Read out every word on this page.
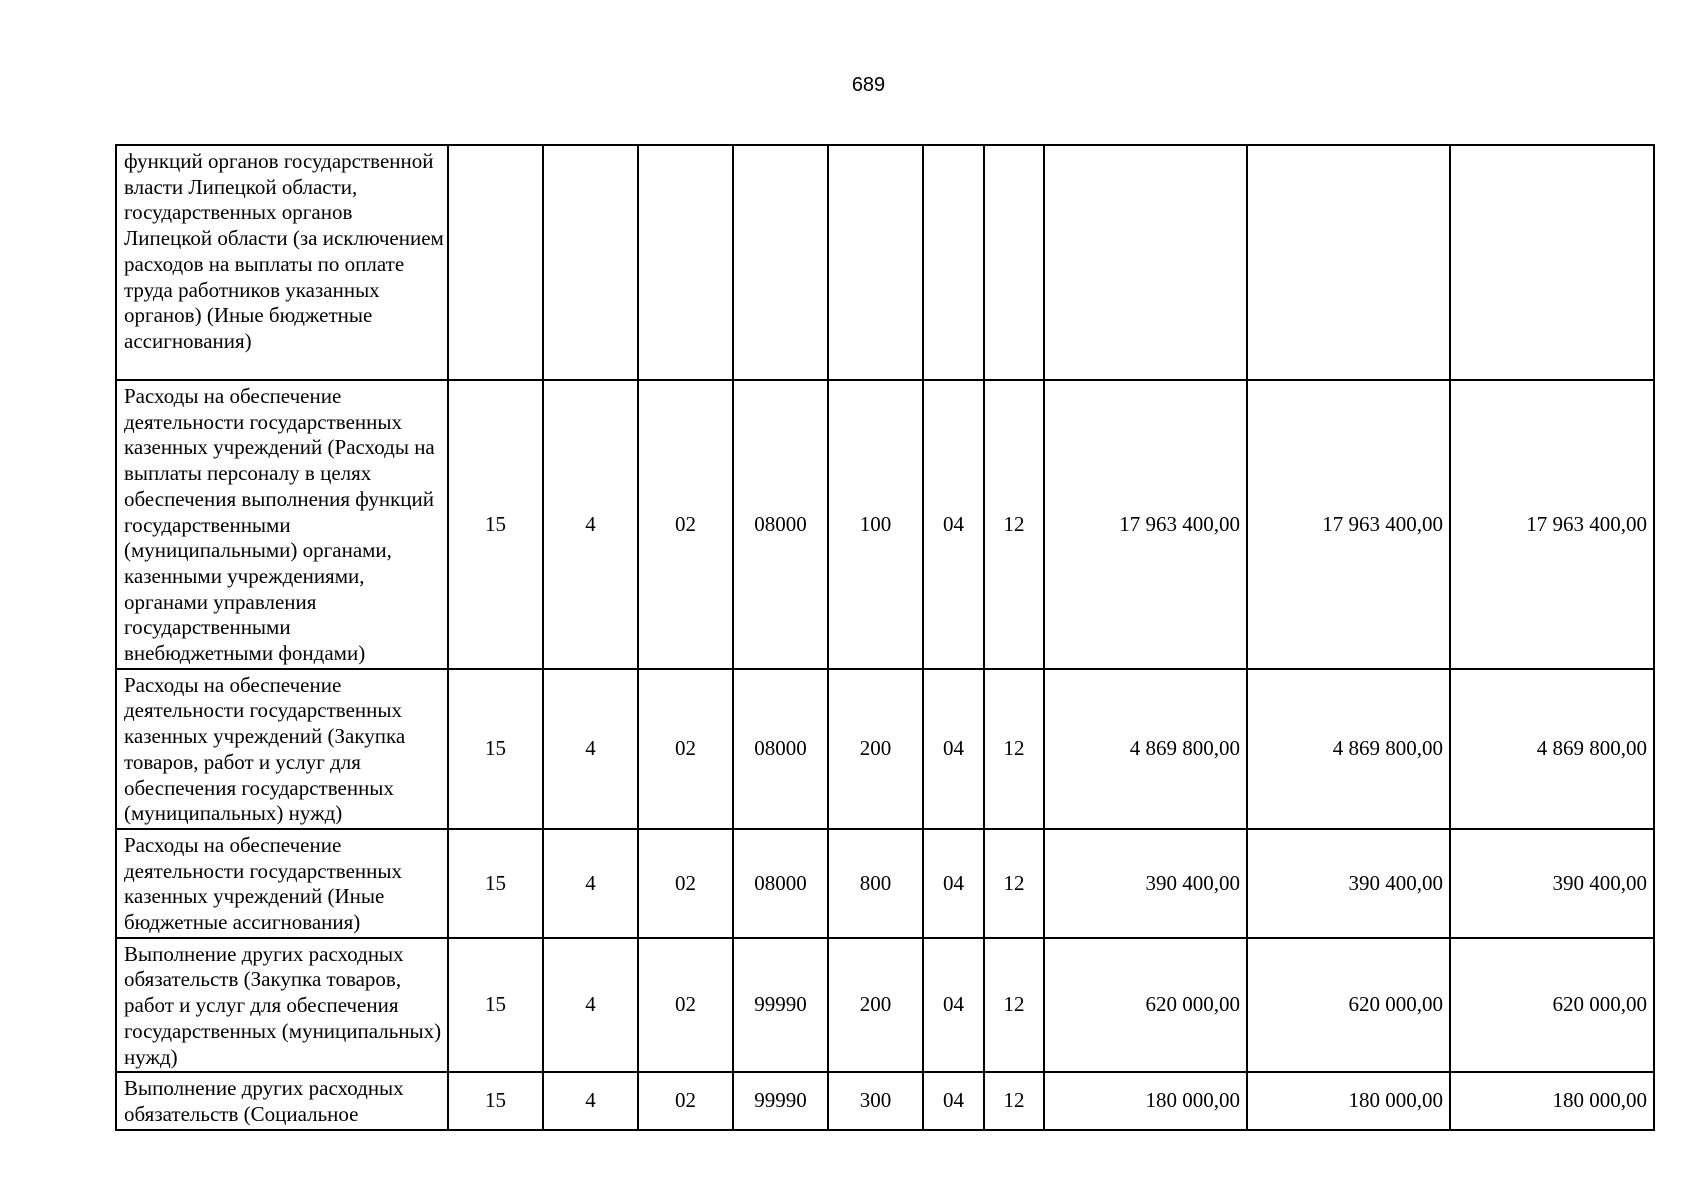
689
функций органов государственной власти Липецкой области, государственных органов Липецкой области (за исключением расходов на выплаты по оплате труда работников указанных органов) (Иные бюджетные ассигнования)										
Расходы на обеспечение деятельности государственных казенных учреждений (Расходы на выплаты персоналу в целях обеспечения выполнения функций государственными (муниципальными) органами, казенными учреждениями, органами управления государственными внебюджетными фондами)	15	4	02	08000	100	04	12	17 963 400,00	17 963 400,00	17 963 400,00
Расходы на обеспечение деятельности государственных казенных учреждений (Закупка товаров, работ и услуг для обеспечения государственных (муниципальных) нужд)	15	4	02	08000	200	04	12	4 869 800,00	4 869 800,00	4 869 800,00
Расходы на обеспечение деятельности государственных казенных учреждений (Иные бюджетные ассигнования)	15	4	02	08000	800	04	12	390 400,00	390 400,00	390 400,00
Выполнение других расходных обязательств (Закупка товаров, работ и услуг для обеспечения государственных (муниципальных) нужд)	15	4	02	99990	200	04	12	620 000,00	620 000,00	620 000,00
Выполнение других расходных обязательств (Социальное	15	4	02	99990	300	04	12	180 000,00	180 000,00	180 000,00
